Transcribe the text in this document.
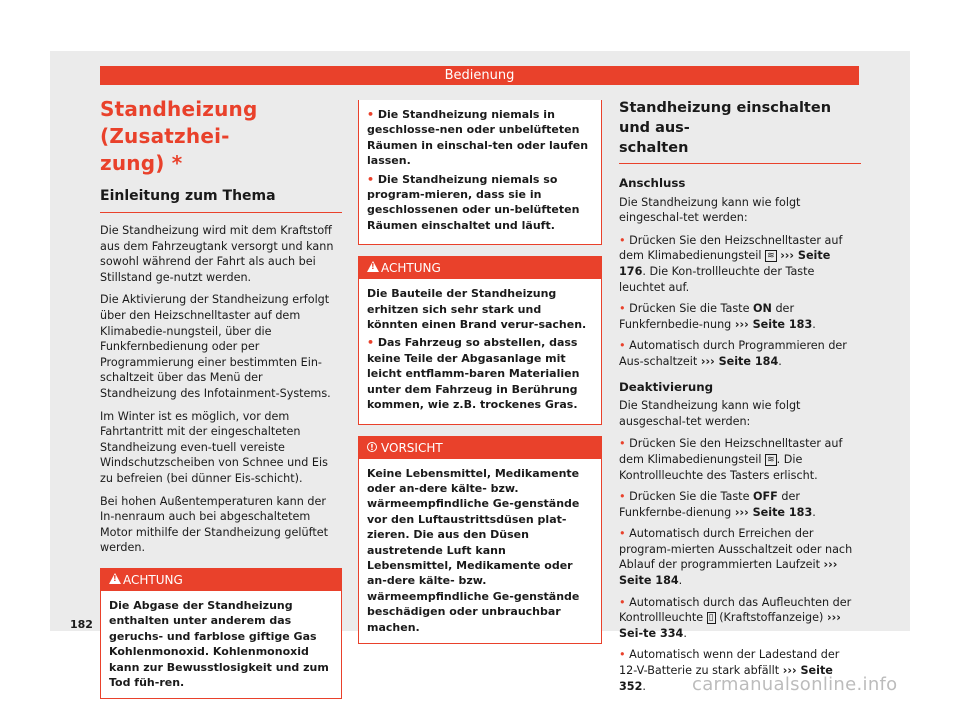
Bedienung
Standheizung (Zusatzhei-
zung) *
Einleitung zum Thema

Die Standheizung wird mit dem Kraftstoff aus dem Fahrzeugtank versorgt und kann sowohl während der Fahrt als auch bei Stillstand ge-nutzt werden.

Die Aktivierung der Standheizung erfolgt über den Heizschnelltaster auf dem Klimabedie-nungsteil, über die Funkfernbedienung oder per Programmierung einer bestimmten Ein-schaltzeit über das Menü der Standheizung des Infotainment-Systems.

Im Winter ist es möglich, vor dem Fahrtantritt mit der eingeschalteten Standheizung even-tuell vereiste Windschutzscheiben von Schnee und Eis zu befreien (bei dünner Eis-schicht).

Bei hohen Außentemperaturen kann der In-nenraum auch bei abgeschaltetem Motor mithilfe der Standheizung gelüftet werden.

!
ACHTUNG
Die Abgase der Standheizung enthalten unter anderem das geruchs- und farblose giftige Gas Kohlenmonoxid. Kohlenmonoxid kann zur Bewusstlosigkeit und zum Tod füh-ren.
• Die Standheizung niemals in geschlosse-nen oder unbelüfteten Räumen in einschal-ten oder laufen lassen.
• Die Standheizung niemals so program-mieren, dass sie in geschlossenen oder un-belüfteten Räumen einschaltet und läuft.
!
ACHTUNG
Die Bauteile der Standheizung erhitzen sich sehr stark und könnten einen Brand verur-sachen.
• Das Fahrzeug so abstellen, dass keine Teile der Abgasanlage mit leicht entflamm-baren Materialien unter dem Fahrzeug in Berührung kommen, wie z.B. trockenes Gras.
! VORSICHT
Keine Lebensmittel, Medikamente oder an-dere kälte- bzw. wärmeempfindliche Ge-genstände vor den Luftaustrittsdüsen plat-zieren. Die aus den Düsen austretende Luft kann Lebensmittel, Medikamente oder an-dere kälte- bzw. wärmeempfindliche Ge-genstände beschädigen oder unbrauchbar machen.
Standheizung einschalten und aus-
schalten
Anschluss

Die Standheizung kann wie folgt eingeschal-tet werden:

• Drücken Sie den Heizschnelltaster auf dem Klimabedienungsteil ≋ ››› Seite 176. Die Kon-trollleuchte der Taste leuchtet auf.
• Drücken Sie die Taste ON der Funkfernbedie-nung ››› Seite 183.
• Automatisch durch Programmieren der Aus-schaltzeit ››› Seite 184.
Deaktivierung

Die Standheizung kann wie folgt ausgeschal-tet werden:

• Drücken Sie den Heizschnelltaster auf dem Klimabedienungsteil ≋ . Die Kontrollleuchte des Tasters erlischt.
• Drücken Sie die Taste OFF der Funkfernbe-dienung ››› Seite 183.
• Automatisch durch Erreichen der program-mierten Ausschaltzeit oder nach Ablauf der programmierten Laufzeit ››› Seite 184.
• Automatisch durch das Aufleuchten der Kontrollleuchte ▯ (Kraftstoffanzeige) ››› Sei-te 334.
• Automatisch wenn der Ladestand der 12-V-Batterie zu stark abfällt ››› Seite 352.
182
carmanualsonline.info
